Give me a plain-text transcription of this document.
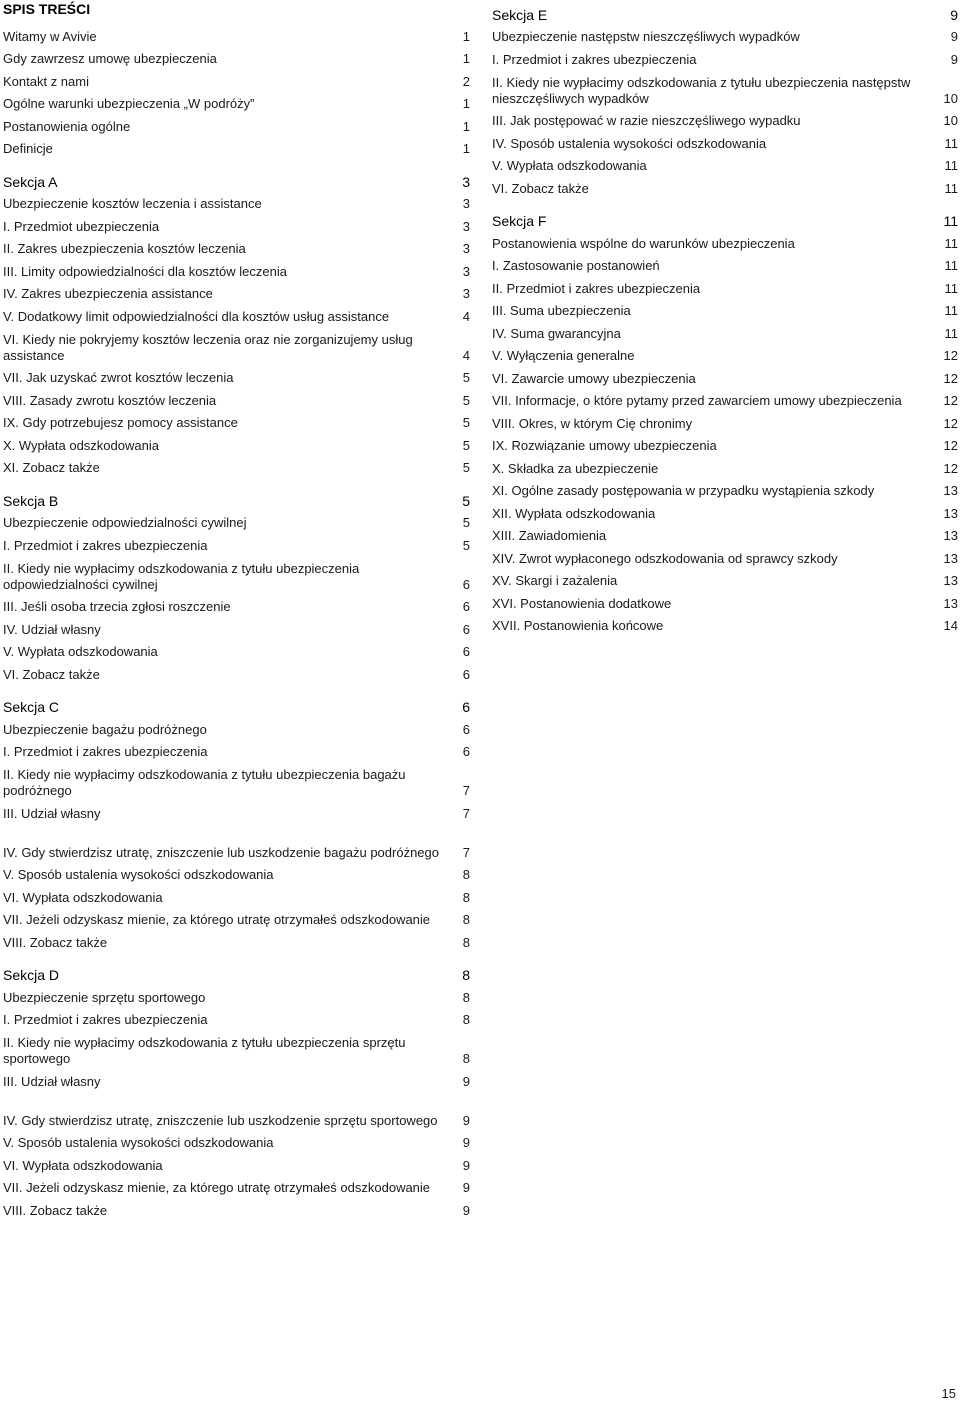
SPIS TREŚCI
Witamy w Avivie	1
Gdy zawrzesz umowę ubezpieczenia	1
Kontakt z nami	2
Ogólne warunki ubezpieczenia „W podróży”	1
Postanowienia ogólne	1
Definicje	1
Sekcja A	3
Ubezpieczenie kosztów leczenia i assistance	3
I. Przedmiot ubezpieczenia	3
II. Zakres ubezpieczenia kosztów leczenia	3
III. Limity odpowiedzialności dla kosztów leczenia	3
IV. Zakres ubezpieczenia assistance	3
V. Dodatkowy limit odpowiedzialności dla kosztów usług assistance	4
VI. Kiedy nie pokryjemy kosztów leczenia oraz nie zorganizujemy usług assistance	4
VII. Jak uzyskać zwrot kosztów leczenia	5
VIII. Zasady zwrotu kosztów leczenia	5
IX. Gdy potrzebujesz pomocy assistance	5
X. Wypłata odszkodowania	5
XI. Zobacz także	5
Sekcja B	5
Ubezpieczenie odpowiedzialności cywilnej	5
I. Przedmiot i zakres ubezpieczenia	5
II. Kiedy nie wypłacimy odszkodowania z tytułu ubezpieczenia odpowiedzialności cywilnej	6
III. Jeśli osoba trzecia zgłosi roszczenie	6
IV. Udział własny	6
V. Wypłata odszkodowania	6
VI. Zobacz także	6
Sekcja C	6
Ubezpieczenie bagażu podróżnego	6
I. Przedmiot i zakres ubezpieczenia	6
II. Kiedy nie wypłacimy odszkodowania z tytułu ubezpieczenia bagażu podróżnego	7
III. Udział własny	7
IV. Gdy stwierdzisz utratę, zniszczenie lub uszkodzenie bagażu podróżnego	7
V. Sposób ustalenia wysokości odszkodowania	8
VI. Wypłata odszkodowania	8
VII. Jeżeli odzyskasz mienie, za którego utratę otrzymałeś odszkodowanie	8
VIII. Zobacz także	8
Sekcja D	8
Ubezpieczenie sprzętu sportowego	8
I. Przedmiot i zakres ubezpieczenia	8
II. Kiedy nie wypłacimy odszkodowania z tytułu ubezpieczenia sprzętu sportowego	8
III. Udział własny	9
IV. Gdy stwierdzisz utratę, zniszczenie lub uszkodzenie sprzętu sportowego	9
V. Sposób ustalenia wysokości odszkodowania	9
VI. Wypłata odszkodowania	9
VII. Jeżeli odzyskasz mienie, za którego utratę otrzymałeś odszkodowanie	9
VIII. Zobacz także	9
Sekcja E	9
Ubezpieczenie następstw nieszczęśliwych wypadków	9
I. Przedmiot i zakres ubezpieczenia	9
II. Kiedy nie wypłacimy odszkodowania z tytułu ubezpieczenia następstw nieszczęśliwych wypadków	10
III. Jak postępować w razie nieszczęśliwego wypadku	10
IV. Sposób ustalenia wysokości odszkodowania	11
V. Wypłata odszkodowania	11
VI. Zobacz także	11
Sekcja F	11
Postanowienia wspólne do warunków ubezpieczenia	11
I. Zastosowanie postanowień	11
II. Przedmiot i zakres ubezpieczenia	11
III. Suma ubezpieczenia	11
IV. Suma gwarancyjna	11
V. Wyłączenia generalne	12
VI. Zawarcie umowy ubezpieczenia	12
VII. Informacje, o które pytamy przed zawarciem umowy ubezpieczenia	12
VIII. Okres, w którym Cię chronimy	12
IX. Rozwiązanie umowy ubezpieczenia	12
X. Składka za ubezpieczenie	12
XI. Ogólne zasady postępowania w przypadku wystąpienia szkody	13
XII. Wypłata odszkodowania	13
XIII. Zawiadomienia	13
XIV. Zwrot wypłaconego odszkodowania od sprawcy szkody	13
XV. Skargi i zażalenia	13
XVI. Postanowienia dodatkowe	13
XVII. Postanowienia końcowe	14
15
